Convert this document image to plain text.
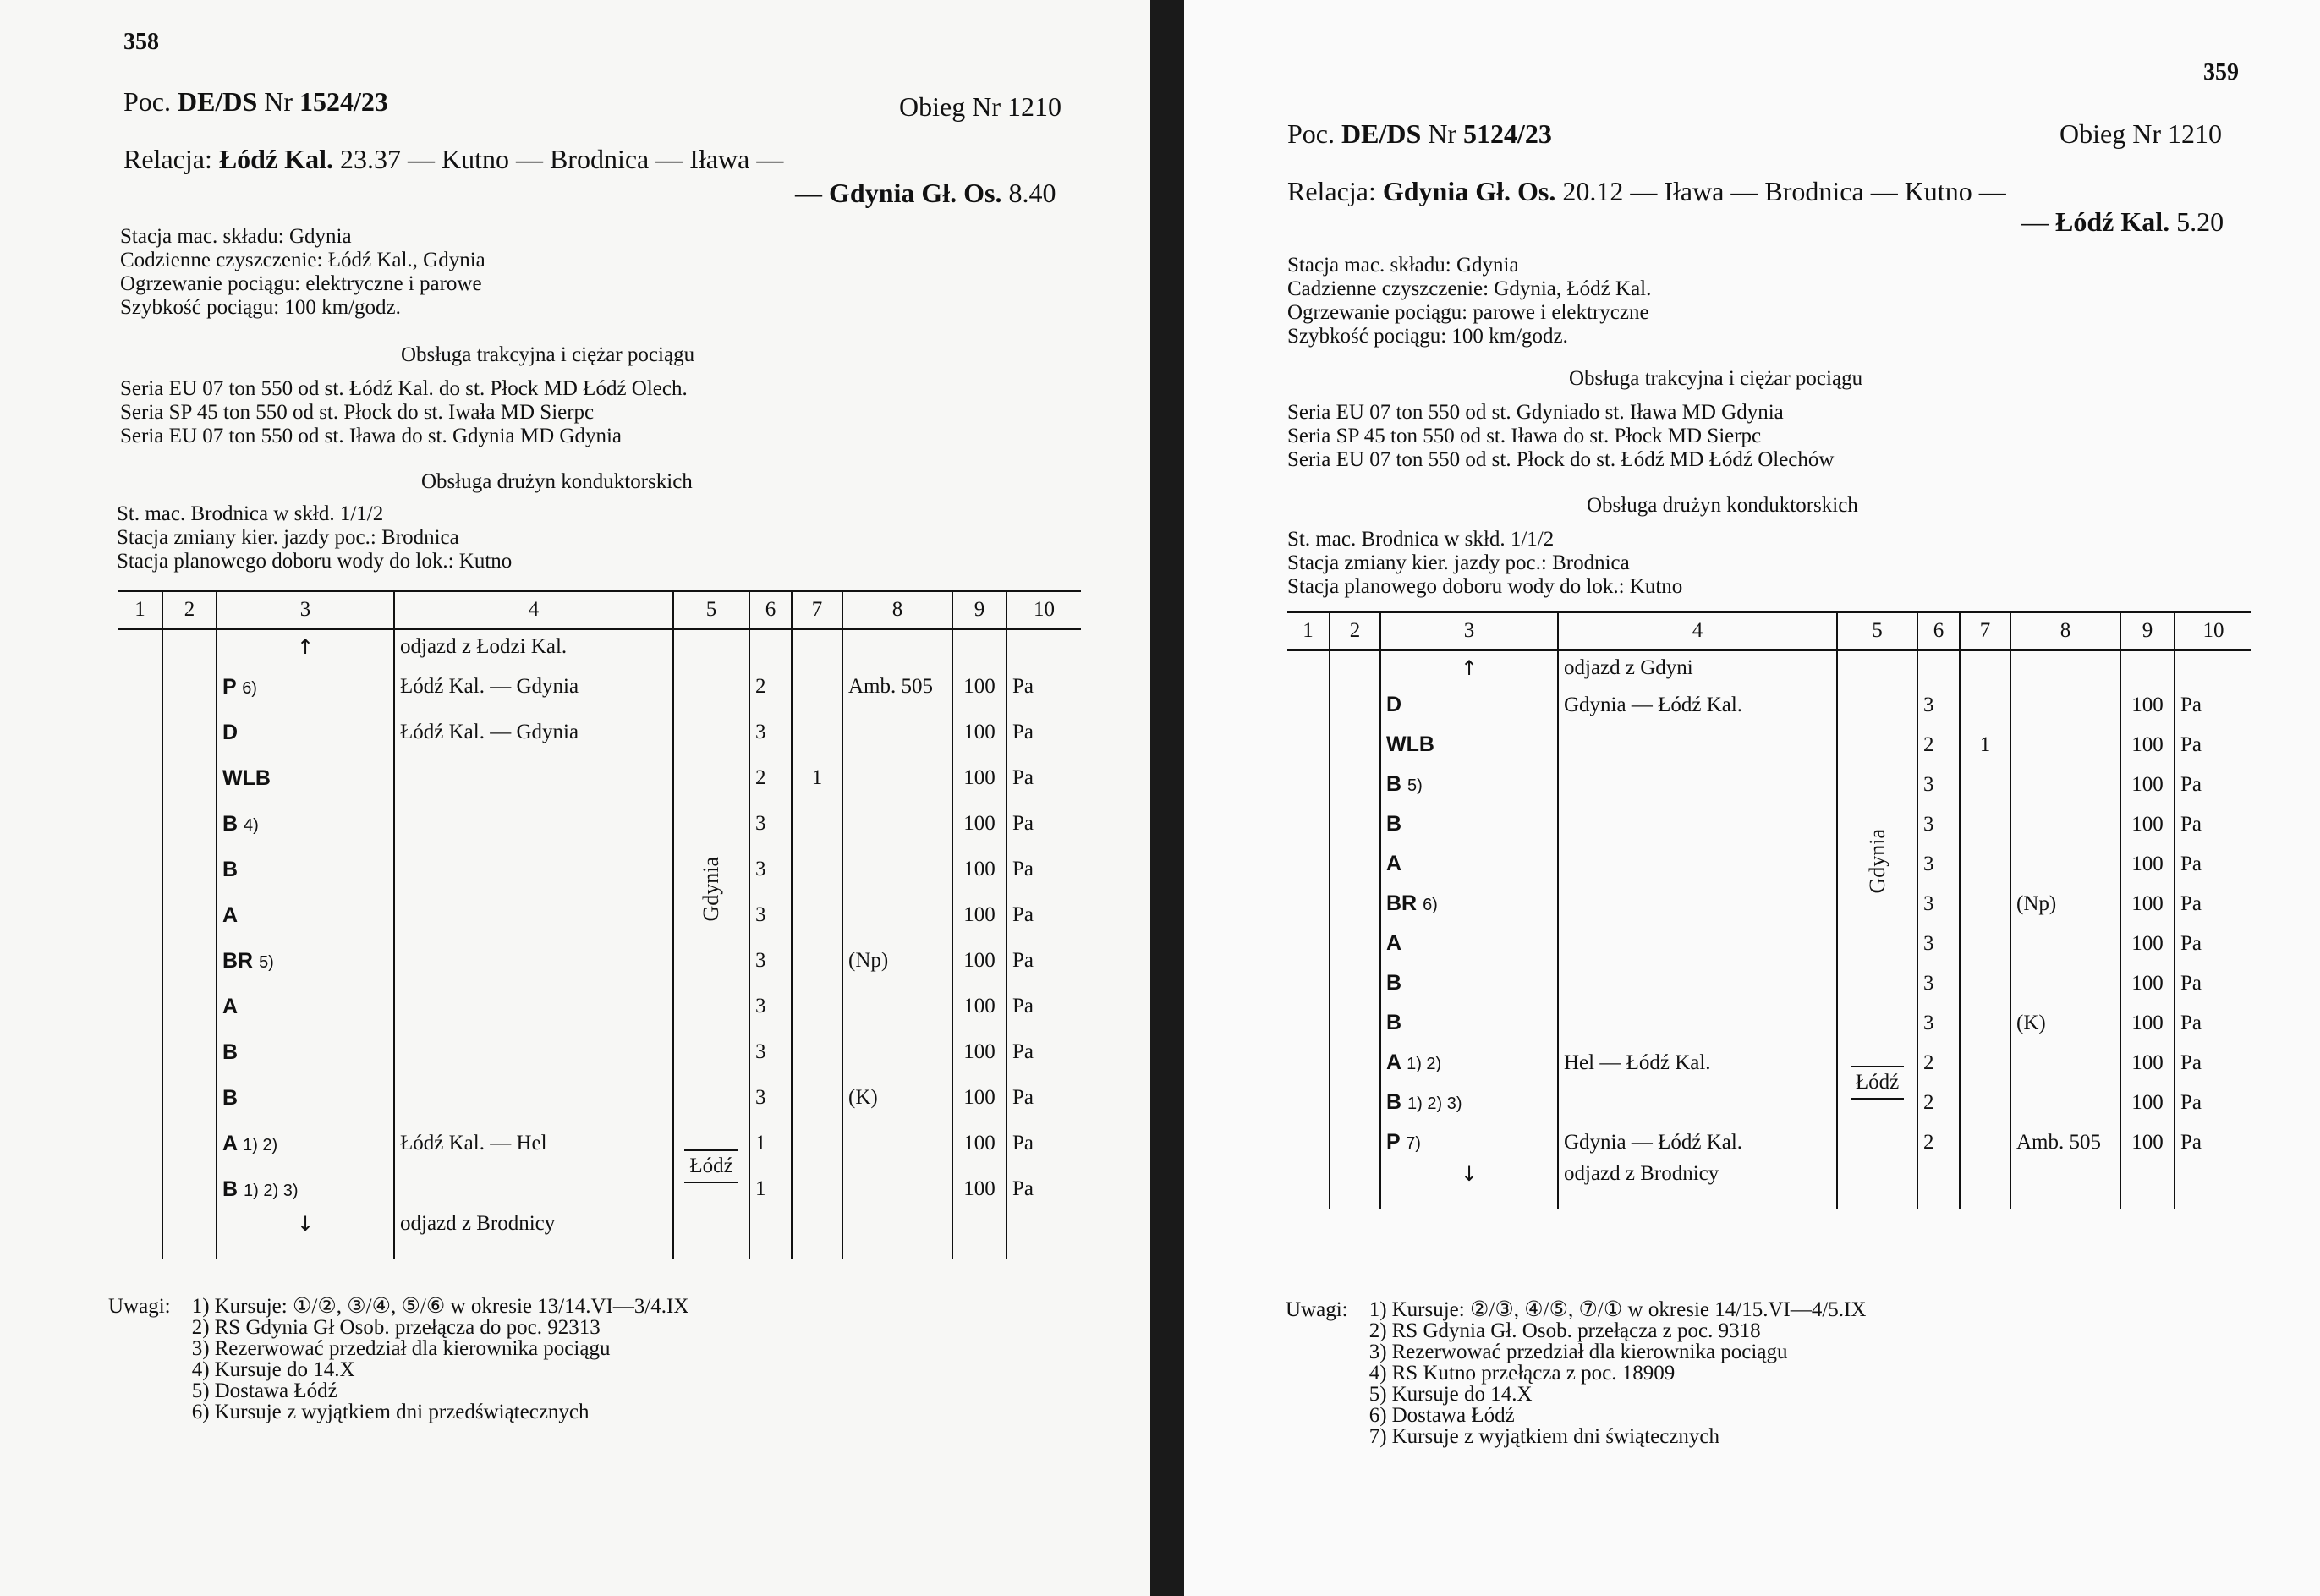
358
Poc. DE/DS Nr 1524/23	Obieg Nr 1210
Relacja: Łódź Kal. 23.37 — Kutno — Brodnica — Iława —
— Gdynia Gł. Os. 8.40
Stacja mac. składu: Gdynia
Codzienne czyszczenie: Łódź Kal., Gdynia
Ogrzewanie pociągu: elektryczne i parowe
Szybkość pociągu: 100 km/godz.
Obsługa trakcyjna i ciężar pociągu
Seria EU 07 ton 550 od st. Łódź Kal. do st. Płock MD Łódź Olech.
Seria SP 45 ton 550 od st. Płock do st. Iwała MD Sierpc
Seria EU 07 ton 550 od st. Iława do st. Gdynia MD Gdynia
Obsługa drużyn konduktorskich
St. mac. Brodnica w skłd. 1/1/2
Stacja zmiany kier. jazdy poc.: Brodnica
Stacja planowego doboru wody do lok.: Kutno
1	2	3	4	5	6	7	8	9	10
		↑	odjazd z Łodzi Kal.						
		P 6)	Łódź Kal. — Gdynia	Gdynia	2		Amb. 505	100	Pa
		D	Łódź Kal. — Gdynia		3			100	Pa
		WLB			2	1		100	Pa
		B 4)			3			100	Pa
		B			3			100	Pa
		A			3			100	Pa
		BR 5)			3		(Np)	100	Pa
		A			3			100	Pa
		B			3			100	Pa
		B			3		(K)	100	Pa
		A 1) 2)	Łódź Kal. — Hel	Łódź	1			100	Pa
		B 1) 2) 3)			1			100	Pa
		↓	odjazd z Brodnicy						
Uwagi:	1) Kursuje: ①/②, ③/④, ⑤/⑥ w okresie 13/14.VI—3/4.IX
2) RS Gdynia Gł Osob. przełącza do poc. 92313
3) Rezerwować przedział dla kierownika pociągu
4) Kursuje do 14.X
5) Dostawa Łódź
6) Kursuje z wyjątkiem dni przedświątecznych
359
Poc. DE/DS Nr 5124/23	Obieg Nr 1210
Relacja: Gdynia Gł. Os. 20.12 — Iława — Brodnica — Kutno —
— Łódź Kal. 5.20
Stacja mac. składu: Gdynia
Cadzienne czyszczenie: Gdynia, Łódź Kal.
Ogrzewanie pociągu: parowe i elektryczne
Szybkość pociągu: 100 km/godz.
Obsługa trakcyjna i ciężar pociągu
Seria EU 07 ton 550 od st. Gdyniado st. Iława MD Gdynia
Seria SP 45 ton 550 od st. Iława do st. Płock MD Sierpc
Seria EU 07 ton 550 od st. Płock do st. Łódź MD Łódź Olechów
Obsługa drużyn konduktorskich
St. mac. Brodnica w skłd. 1/1/2
Stacja zmiany kier. jazdy poc.: Brodnica
Stacja planowego doboru wody do lok.: Kutno
1	2	3	4	5	6	7	8	9	10
		↑	odjazd z Gdyni						
		D	Gdynia — Łódź Kal.	Gdynia	3			100	Pa
		WLB			2	1		100	Pa
		B 5)			3			100	Pa
		B			3			100	Pa
		A			3			100	Pa
		BR 6)			3		(Np)	100	Pa
		A			3			100	Pa
		B			3			100	Pa
		B			3		(K)	100	Pa
		A 1) 2)	Hel — Łódź Kal.	Łódź	2			100	Pa
		B 1) 2) 3)			2			100	Pa
		P 7)	Gdynia — Łódź Kal.		2		Amb. 505	100	Pa
		↓	odjazd z Brodnicy						
Uwagi:	1) Kursuje: ②/③, ④/⑤, ⑦/① w okresie 14/15.VI—4/5.IX
2) RS Gdynia Gł. Osob. przełącza z poc. 9318
3) Rezerwować przedział dla kierownika pociągu
4) RS Kutno przełącza z poc. 18909
5) Kursuje do 14.X
6) Dostawa Łódź
7) Kursuje z wyjątkiem dni świątecznych
